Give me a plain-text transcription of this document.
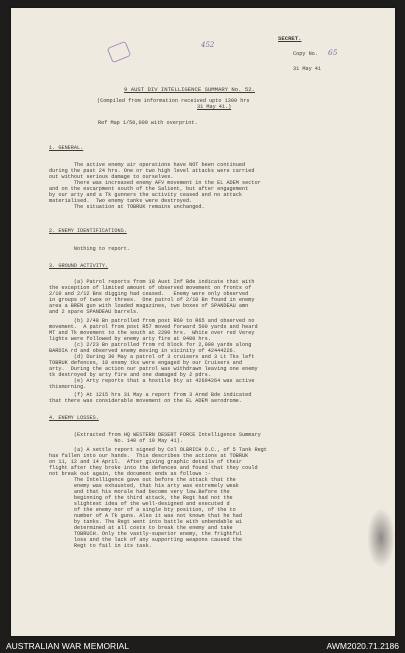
452

SECRET.

Copy No. 65

31 May 41

9 AUST DIV INTELLIGENCE SUMMARY No. 52.

(Compiled from information received upto 1300 hrs

31 May 41.)

Ref Map 1/50,000 with overprint.

1. GENERAL.

The active enemy air operations have NOT been continued

during the past 24 hrs. One or two high level attacks were carried

out without serious damage to ourselves.

There was increased enemy AFV movement in the EL ADEM sector

and on the escarpment south of the Salient, but after engagement

by our arty and a Tk gunners the activity ceased and no attack

materialised.  Two enemy tanks were destroyed.

The situation at TOBRUK remains unchanged.

2. ENEMY IDENTIFICATIONS.

Nothing to report.

3. GROUND ACTIVITY.

(a) Patrol reports from 18 Aust Inf Bde indicate that with

the exception of limited amount of observed movement on fronts of

2/10 and 2/12 Bns digging had ceased.   Enemy were only observed

in groups of twos or threes.  One patrol of 2/10 Bn found in enemy

area a BREN gun with loaded magazines, two boxes of SPANDEAU amn

and 2 spare SPANDEAU barrels.

(b) 2/48 Bn patrolled from post R69 to R65 and observed no

movement.  A patrol from post R57 moved forward 500 yards and heard

MT and Tk movement to the south at 2200 hrs.  White over red Verey

lights were followed by enemy arty fire at 0400 hrs.

(c) 2/23 Bn patrolled from rd block for 2,000 yards along

BARDIA rd and observed enemy moving in vicinity of 42444226.

(d) During 30 May a patrol of 3 cruisers and 3 Lt Tks left

TOBRUK defences, 18 enemy tks were engaged by our Cruisers and

arty.  During the action our patrol was withdrawn leaving one enemy

tk destroyed by arty fire and one damaged by 2 pdrs.

(e) Arty reports that a hostile bty at 42694264 was active

thismorning.

(f) At 1215 hrs 31 May a report from 3 Armd Bde indicated

that there was considerable movement on the EL ADEM aerodrome.

4. ENEMY LOSSES.

(Extracted from HQ WESTERN DESERT FORCE Intelligence Summary

No. 140 of 19 May 41).

(a) A settle report signed by Col OLBRICH O.C., of 5 Tank Regt

has fallen into our hands.  This describes the actions at TOBRUK

on 11, 12 and 14 April.  After giving graphic details of their

flight after they broke into the defences and found that they could

not break out again, the document ends as follows :-

The Intelligence gave out before the attack that the

enemy was exhausted, that his arty was extremely weak

and that his morale had become very low.Before the

beginning of the third attack, the Regt had not the

slightest idea of the well-designed and executed d

of the enemy nor of a single bty position, of the to

number of A Tk guns. Also it was not known that he had

by tanks. The Regt went into battle with unbendable wi

determined at all costs to break the enemy and take

TOBRUCH. Only the vastly-superior enemy, the frightful

loss and the lack of any supporting weapons caused the

Regt to fail in its task.

AUSTRALIAN WAR MEMORIAL	AWM2020.71.2186
